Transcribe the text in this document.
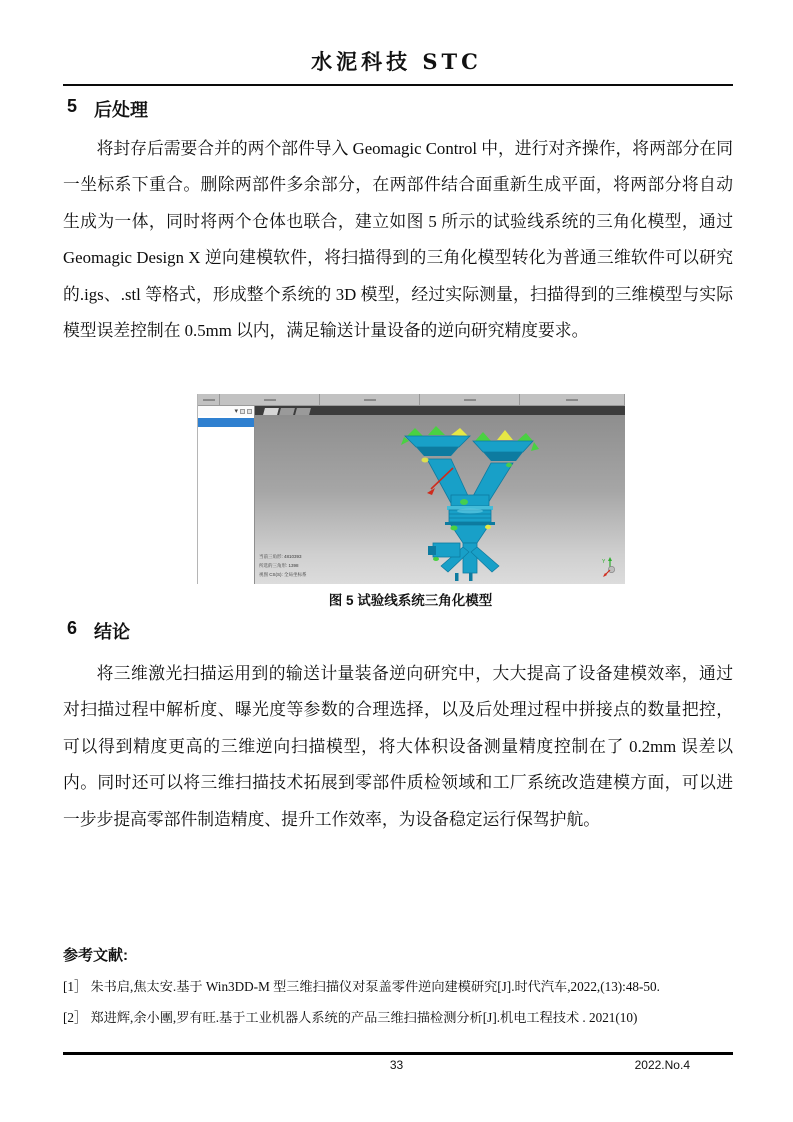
水泥科技 STC
5 后处理

将封存后需要合并的两个部件导入 Geomagic Control 中，进行对齐操作，将两部分在同一坐标系下重合。删除两部件多余部分，在两部件结合面重新生成平面，将两部分将自动生成为一体，同时将两个仓体也联合，建立如图 5 所示的试验线系统的三角化模型，通过 Geomagic Design X 逆向建模软件，将扫描得到的三角化模型转化为普通三维软件可以研究的.igs、.stl 等格式，形成整个系统的 3D 模型，经过实际测量，扫描得到的三维模型与实际模型误差控制在 0.5mm 以内，满足输送计量设备的逆向研究精度要求。

▾
当前三角形: 4810393
所选的三角形: 1398
视图 CS(S): 全局坐标系
Y
图 5 试验线系统三角化模型
6 结论

将三维激光扫描运用到的输送计量装备逆向研究中，大大提高了设备建模效率，通过对扫描过程中解析度、曝光度等参数的合理选择，以及后处理过程中拼接点的数量把控，可以得到精度更高的三维逆向扫描模型，将大体积设备测量精度控制在了 0.2mm 误差以内。同时还可以将三维扫描技术拓展到零部件质检领域和工厂系统改造建模方面，可以进一步步提高零部件制造精度、提升工作效率，为设备稳定运行保驾护航。

参考文献:
[1］ 朱书启,焦太安.基于 Win3DD-M 型三维扫描仪对泵盖零件逆向建模研究[J].时代汽车,2022,(13):48-50.
[2］ 郑进辉,余小團,罗有旺.基于工业机器人系统的产品三维扫描检测分析[J].机电工程技术 . 2021(10)
33	2022.No.4
